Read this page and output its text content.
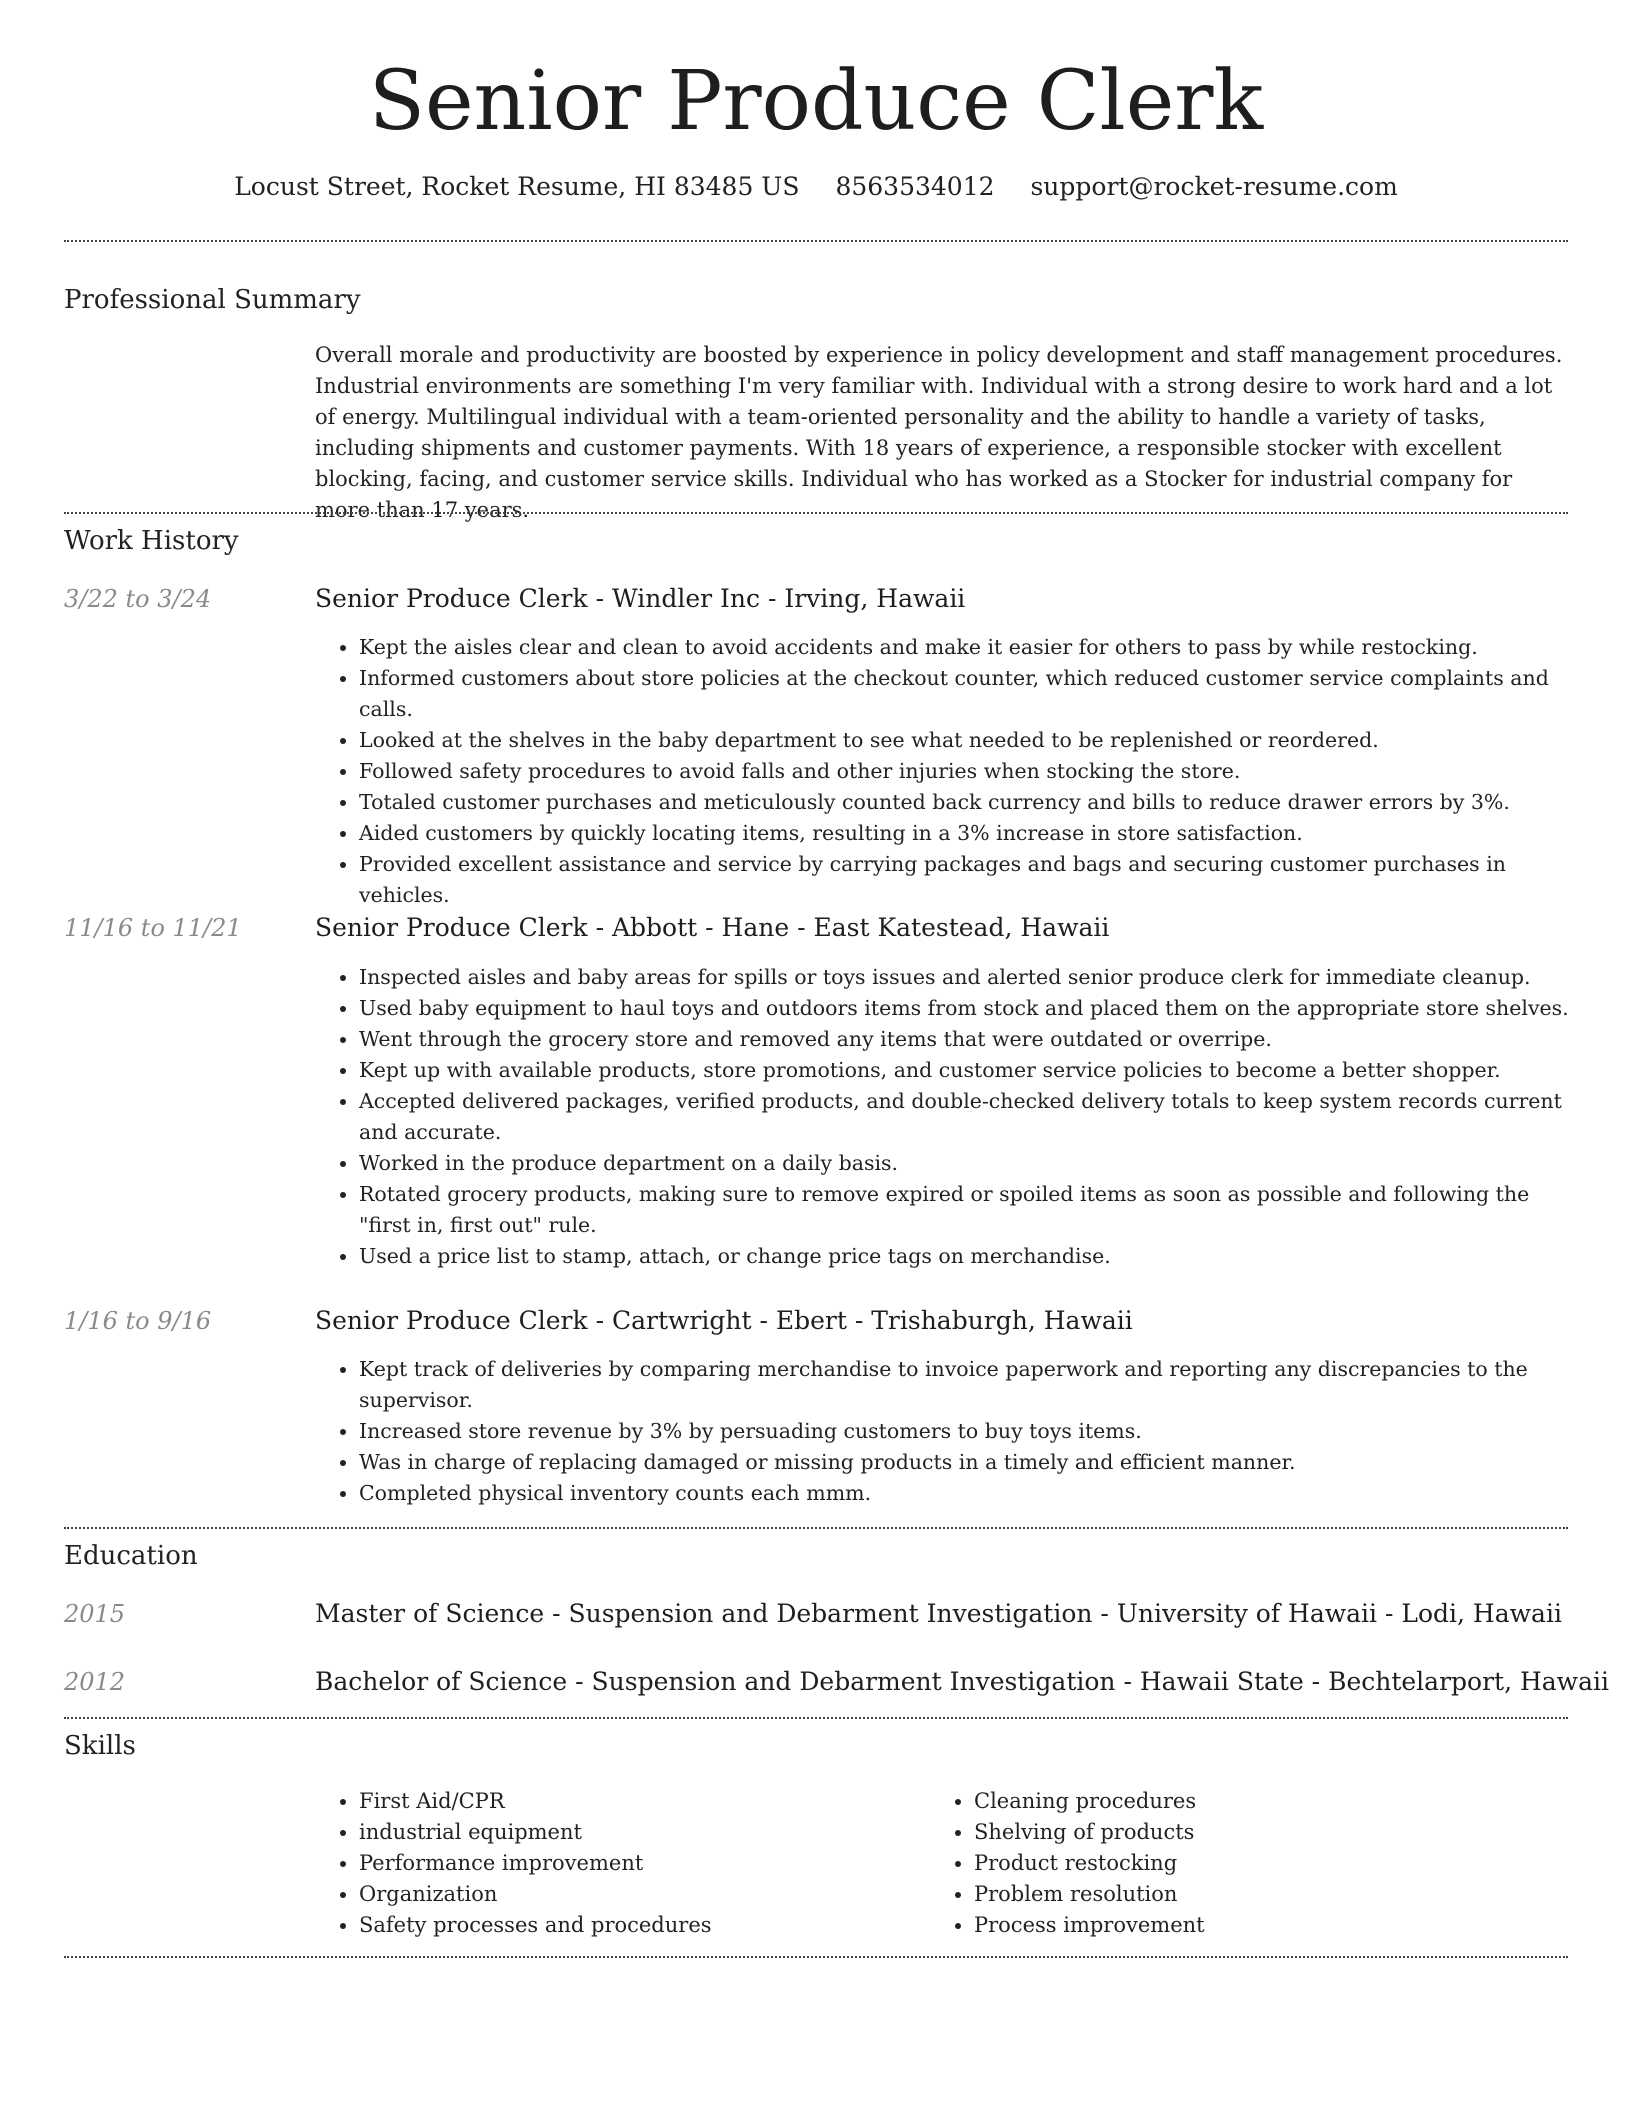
Senior Produce Clerk
Locust Street, Rocket Resume, HI 83485 US 8563534012 support@rocket-resume.com
Professional Summary
Overall morale and productivity are boosted by experience in policy development and staff management procedures. Industrial environments are something I'm very familiar with. Individual with a strong desire to work hard and a lot of energy. Multilingual individual with a team-oriented personality and the ability to handle a variety of tasks, including shipments and customer payments. With 18 years of experience, a responsible stocker with excellent blocking, facing, and customer service skills. Individual who has worked as a Stocker for industrial company for more than 17 years.
Work History
3/22 to 3/24	Senior Produce Clerk - Windler Inc - Irving, Hawaii
• Kept the aisles clear and clean to avoid accidents and make it easier for others to pass by while restocking.
• Informed customers about store policies at the checkout counter, which reduced customer service complaints and calls.
• Looked at the shelves in the baby department to see what needed to be replenished or reordered.
• Followed safety procedures to avoid falls and other injuries when stocking the store.
• Totaled customer purchases and meticulously counted back currency and bills to reduce drawer errors by 3%.
• Aided customers by quickly locating items, resulting in a 3% increase in store satisfaction.
• Provided excellent assistance and service by carrying packages and bags and securing customer purchases in vehicles.
11/16 to 11/21	Senior Produce Clerk - Abbott - Hane - East Katestead, Hawaii
• Inspected aisles and baby areas for spills or toys issues and alerted senior produce clerk for immediate cleanup.
• Used baby equipment to haul toys and outdoors items from stock and placed them on the appropriate store shelves.
• Went through the grocery store and removed any items that were outdated or overripe.
• Kept up with available products, store promotions, and customer service policies to become a better shopper.
• Accepted delivered packages, verified products, and double-checked delivery totals to keep system records current and accurate.
• Worked in the produce department on a daily basis.
• Rotated grocery products, making sure to remove expired or spoiled items as soon as possible and following the "first in, first out" rule.
• Used a price list to stamp, attach, or change price tags on merchandise.
1/16 to 9/16	Senior Produce Clerk - Cartwright - Ebert - Trishaburgh, Hawaii
• Kept track of deliveries by comparing merchandise to invoice paperwork and reporting any discrepancies to the supervisor.
• Increased store revenue by 3% by persuading customers to buy toys items.
• Was in charge of replacing damaged or missing products in a timely and efficient manner.
• Completed physical inventory counts each mmm.
Education
2015	Master of Science - Suspension and Debarment Investigation - University of Hawaii - Lodi, Hawaii
2012	Bachelor of Science - Suspension and Debarment Investigation - Hawaii State - Bechtelarport, Hawaii
Skills
• First Aid/CPR
• industrial equipment
• Performance improvement
• Organization
• Safety processes and procedures
• Cleaning procedures
• Shelving of products
• Product restocking
• Problem resolution
• Process improvement
